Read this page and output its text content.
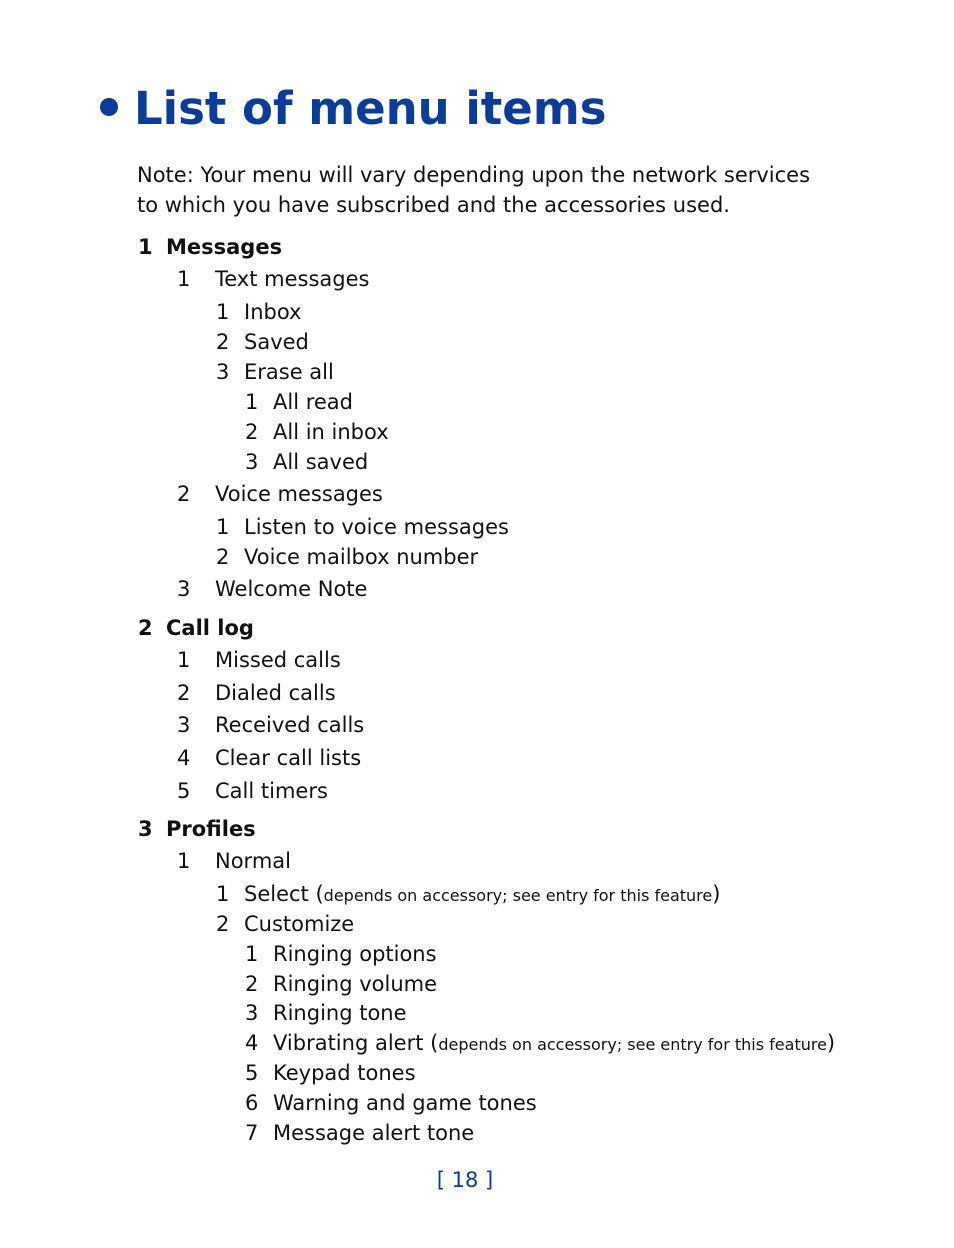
List of menu items

Note: Your menu will vary depending upon the network services to which you have subscribed and the accessories used.

1 Messages
1 Text messages
1 Inbox
2 Saved
3 Erase all
1 All read
2 All in inbox
3 All saved
2 Voice messages
1 Listen to voice messages
2 Voice mailbox number
3 Welcome Note
2 Call log
1 Missed calls
2 Dialed calls
3 Received calls
4 Clear call lists
5 Call timers
3 Profiles
1 Normal
1 Select (depends on accessory; see entry for this feature)
2 Customize
1 Ringing options
2 Ringing volume
3 Ringing tone
4 Vibrating alert (depends on accessory; see entry for this feature)
5 Keypad tones
6 Warning and game tones
7 Message alert tone

[ 18 ]
